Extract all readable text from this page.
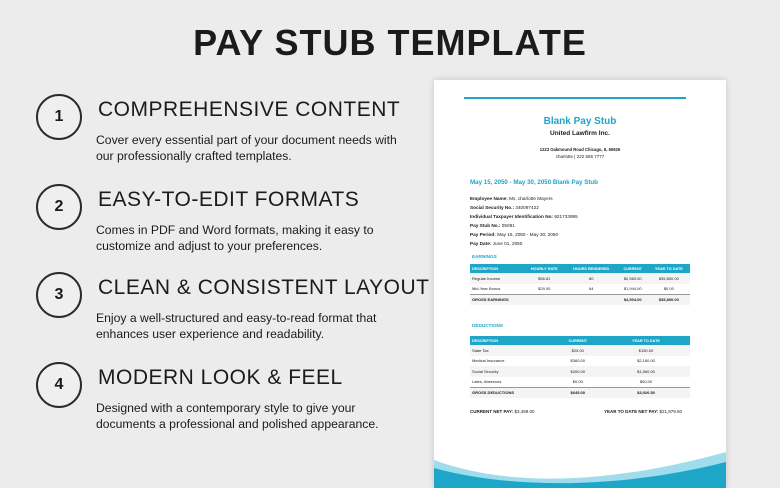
PAY STUB TEMPLATE
1	COMPREHENSIVE CONTENT
Cover every essential part of your document needs with our professionally crafted templates.
2	EASY-TO-EDIT FORMATS
Comes in PDF and Word formats, making it easy to customize and adjust to your preferences.
3	CLEAN & CONSISTENT LAYOUT
Enjoy a well-structured and easy-to-read format that enhances user experience and readability.
4	MODERN LOOK & FEEL
Designed with a contemporary style to give your documents a professional and polished appearance.
Blank Pay Stub
United Lawfirm Inc.
1223 Oakmound Road Chicago, IL 60626
charlotte | 222 555 7777
May 15, 2050 - May 30, 2050 Blank Pay Stub
Employee Name: Ms. charlotte Mayers
Social Security No.: 340097422
Individual Taxpayer Identification No: 921733995
Pay Stub No.: 05081
Pay Period: May 15, 2050 - May 30, 2050
Pay Date: June 01, 2050
EARNINGS
DESCRIPTION	HOURLY RATE	HOURS RENDERED	CURRENT	YEAR TO DATE
Regular Income	$56.81	80	$2,560.00	$35,800.00
Mid-Year Bonus	$29.00	64	$1,944.00	$0.00
GROSS EARNINGS			$4,504.00	$35,800.00
DEDUCTIONS
DESCRIPTION	CURRENT	YEAR TO DATE
State Tax	$25.00	$150.00
Medical Insurance	$360.00	$2,160.00
Social Security	$260.00	$1,560.00
Lates, Absences	$0.00	$50.00
GROSS DEDUCTIONS	$645.00	$3,920.50
CURRENT NET PAY: $3,459.00	YEAR TO DATE NET PAY: $21,879.50
